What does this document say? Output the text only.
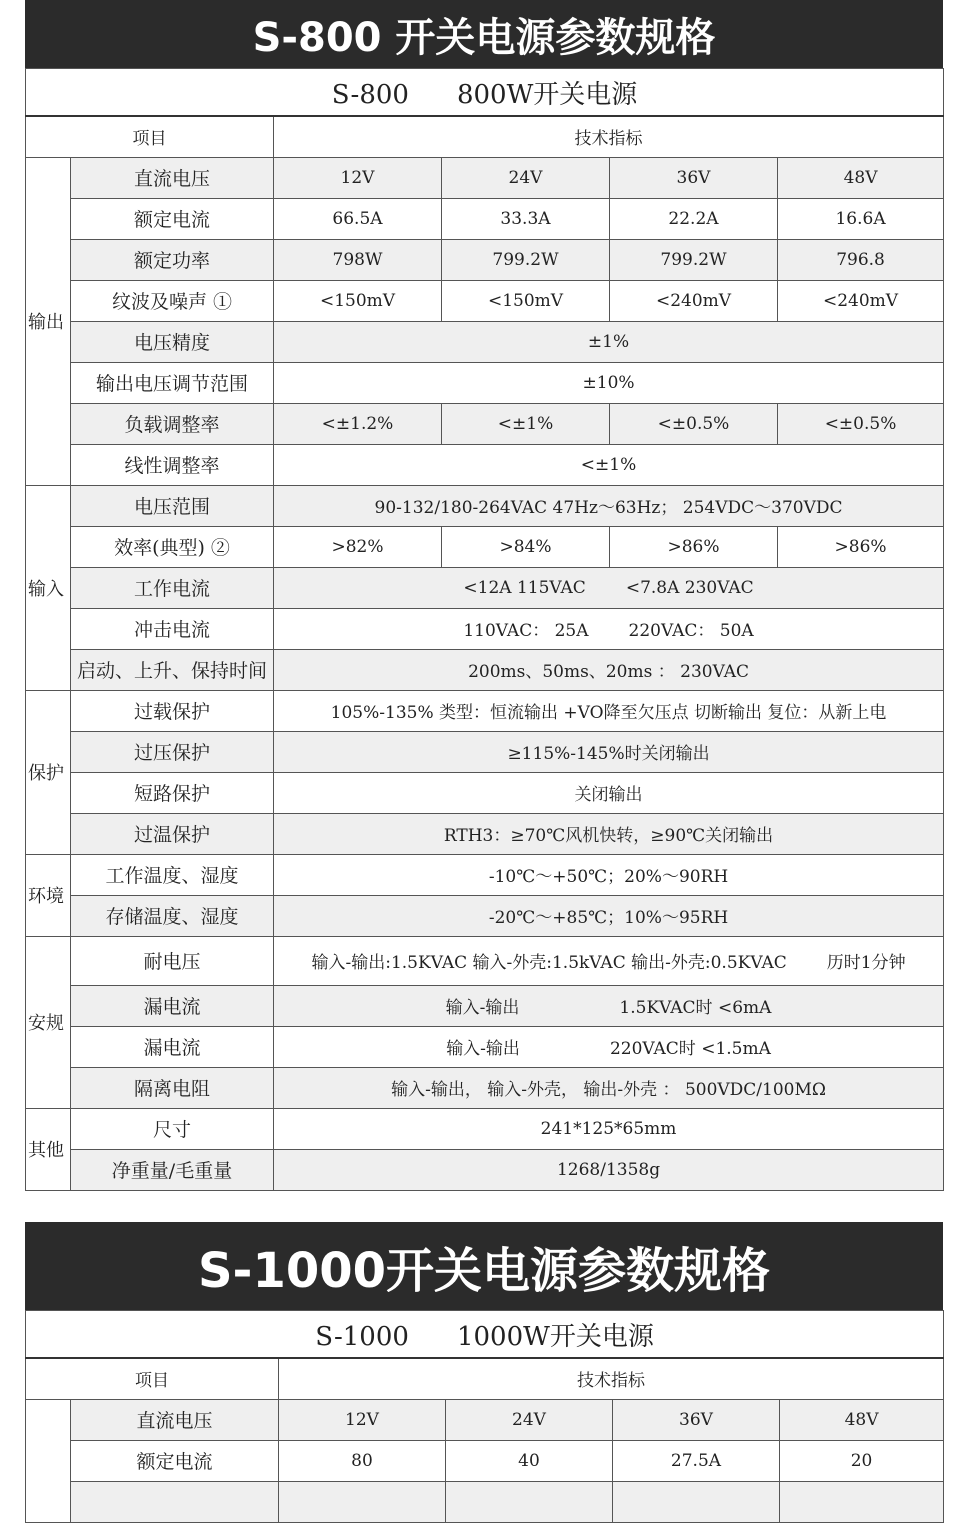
S-800 开关电源参数规格
S-800 800W开关电源					
项目		技术指标			
输出	直流电压	12V	24V	36V	48V
	额定电流	66.5A	33.3A	22.2A	16.6A
	额定功率	798W	799.2W	799.2W	796.8
	纹波及噪声 ①	<150mV	<150mV	<240mV	<240mV
	电压精度	±1%			
	输出电压调节范围	±10%			
	负载调整率	<±1.2%	<±1%	<±0.5%	<±0.5%
	线性调整率	<±1%			
输入	电压范围	90-132/180-264VAC 47Hz～63Hz； 254VDC～370VDC			
	效率(典型) ②	>82%	>84%	>86%	>86%
	工作电流	<12A 115VAC <7.8A 230VAC			
	冲击电流	110VAC： 25A 220VAC： 50A			
	启动、上升、保持时间	200ms、50ms、20ms ： 230VAC			
保护	过载保护	105%-135% 类型：恒流输出 +VO降至欠压点 切断输出 复位：从新上电			
	过压保护	≥115%-145%时关闭输出			
	短路保护	关闭输出			
	过温保护	RTH3：≥70℃风机快转，≥90℃关闭输出			
环境	工作温度、湿度	-10℃～+50℃；20%～90RH			
	存储温度、湿度	-20℃～+85℃；10%～95RH			
安规	耐电压	输入-输出:1.5KVAC 输入-外壳:1.5kVAC 输出-外壳:0.5KVAC 历时1分钟			
	漏电流	输入-输出 1.5KVAC时 <6mA			
	漏电流	输入-输出 220VAC时 <1.5mA			
	隔离电阻	输入-输出， 输入-外壳， 输出-外壳 ： 500VDC/100MΩ			
其他	尺寸	241*125*65mm			
	净重量/毛重量	1268/1358g			
S-1000开关电源参数规格
S-1000 1000W开关电源					
项目		技术指标			
	直流电压	12V	24V	36V	48V
	额定电流	80	40	27.5A	20
